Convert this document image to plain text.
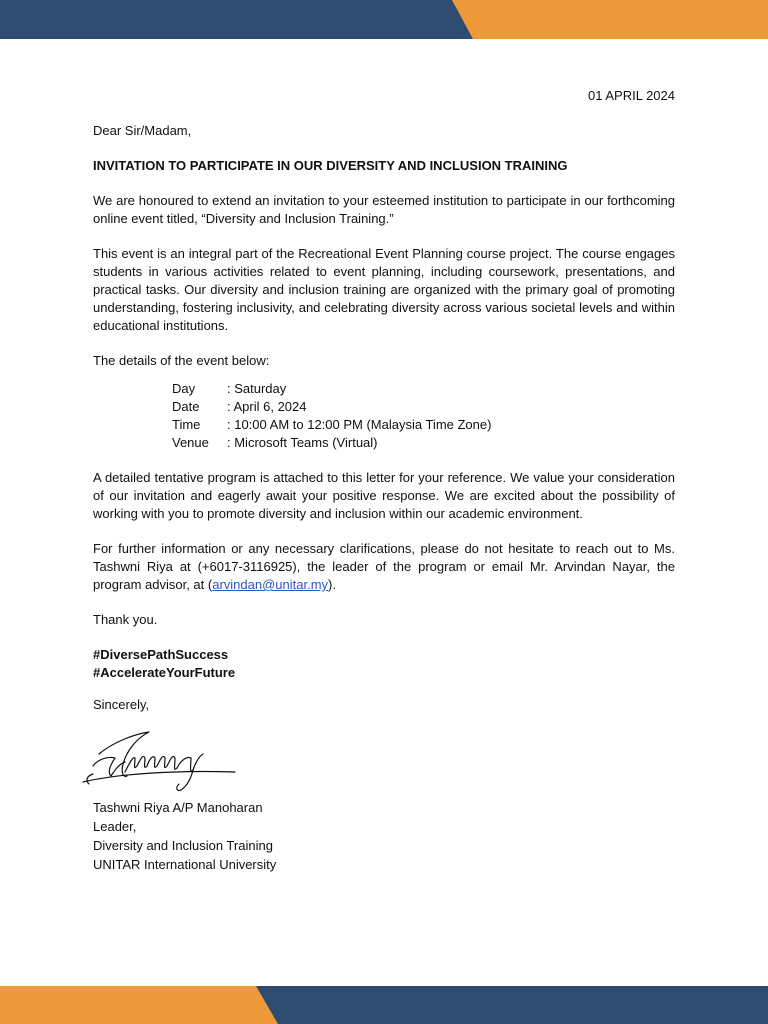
01 APRIL 2024

Dear Sir/Madam,

INVITATION TO PARTICIPATE IN OUR DIVERSITY AND INCLUSION TRAINING

We are honoured to extend an invitation to your esteemed institution to participate in our forthcoming online event titled, “Diversity and Inclusion Training.”

This event is an integral part of the Recreational Event Planning course project. The course engages students in various activities related to event planning, including coursework, presentations, and practical tasks. Our diversity and inclusion training are organized with the primary goal of promoting understanding, fostering inclusivity, and celebrating diversity across various societal levels and within educational institutions.

The details of the event below:

Day	: Saturday
Date	: April 6, 2024
Time	: 10:00 AM to 12:00 PM (Malaysia Time Zone)
Venue	: Microsoft Teams (Virtual)

A detailed tentative program is attached to this letter for your reference. We value your consideration of our invitation and eagerly await your positive response. We are excited about the possibility of working with you to promote diversity and inclusion within our academic environment.

For further information or any necessary clarifications, please do not hesitate to reach out to Ms. Tashwni Riya at (+6017-3116925), the leader of the program or email Mr. Arvindan Nayar, the program advisor, at (arvindan@unitar.my).

Thank you.

#DiversePathSuccess
#AccelerateYourFuture

Sincerely,

Tashwni Riya A/P Manoharan
Leader,
Diversity and Inclusion Training
UNITAR International University
